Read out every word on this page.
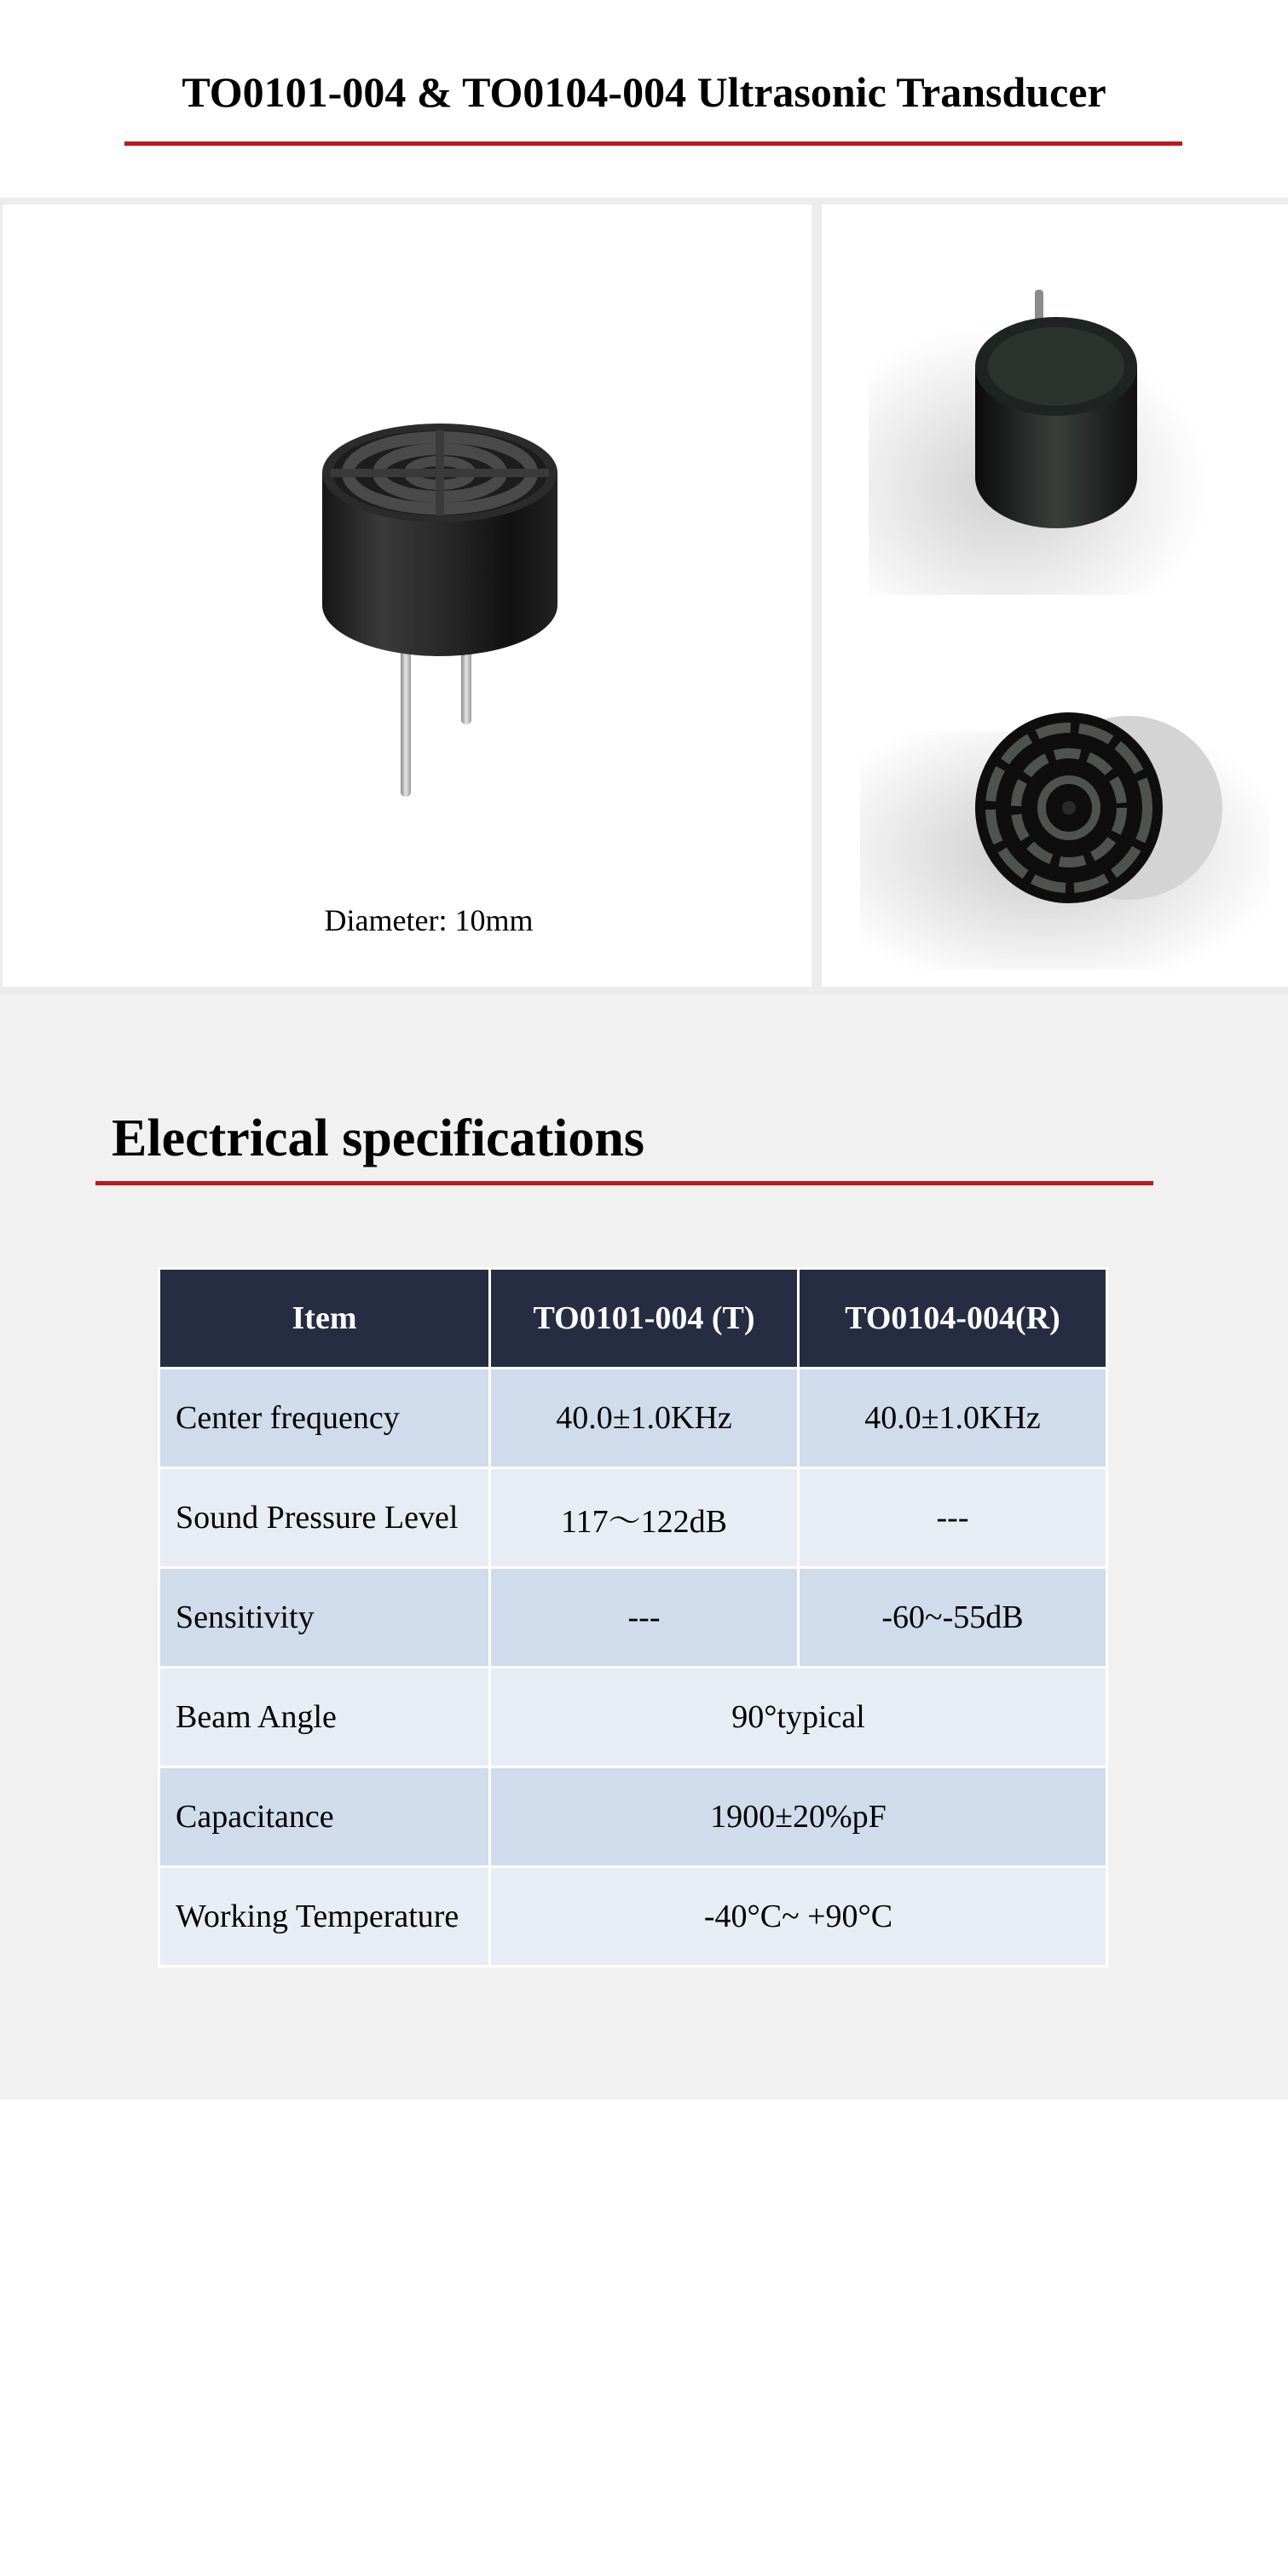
TO0101-004 & TO0104-004 Ultrasonic Transducer
Diameter: 10mm
Electrical specifications
Item	TO0101-004 (T)	TO0104-004(R)
Center frequency	40.0±1.0KHz	40.0±1.0KHz
Sound Pressure Level	117～122dB	---
Sensitivity	---	-60~-55dB
Beam Angle	90°typical	
Capacitance	1900±20%pF	
Working Temperature	-40°C~ +90°C	
